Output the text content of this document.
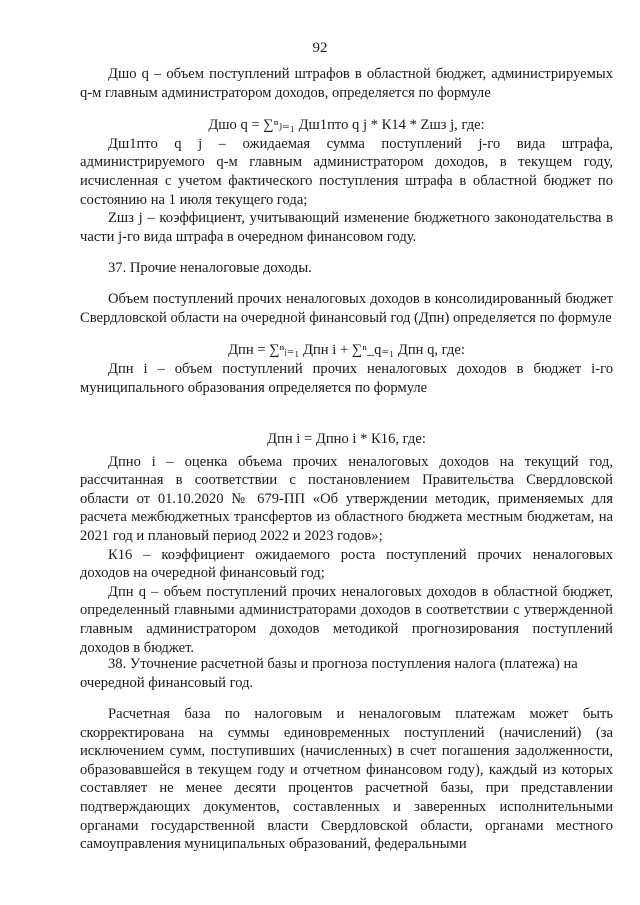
92

Дшо q – объем поступлений штрафов в областной бюджет, администрируемых q-м главным администратором доходов, определяется по формуле

Дшо q = ∑ⁿⱼ₌₁ Дш1пто q j * К14 * Zшз j, где:

Дш1пто q j – ожидаемая сумма поступлений j-го вида штрафа, администрируемого q-м главным администратором доходов, в текущем году, исчисленная с учетом фактического поступления штрафа в областной бюджет по состоянию на 1 июля текущего года;

Zшз j – коэффициент, учитывающий изменение бюджетного законодательства в части j-го вида штрафа в очередном финансовом году.

37. Прочие неналоговые доходы.

Объем поступлений прочих неналоговых доходов в консолидированный бюджет Свердловской области на очередной финансовый год (Дпн) определяется по формуле

Дпн = ∑ⁿᵢ₌₁ Дпн i + ∑ⁿ_q₌₁ Дпн q, где:

Дпн i – объем поступлений прочих неналоговых доходов в бюджет i-го муниципального образования определяется по формуле

Дпн i = Дпно i * К16, где:

Дпно i – оценка объема прочих неналоговых доходов на текущий год, рассчитанная в соответствии с постановлением Правительства Свердловской области от 01.10.2020 № 679-ПП «Об утверждении методик, применяемых для расчета межбюджетных трансфертов из областного бюджета местным бюджетам, на 2021 год и плановый период 2022 и 2023 годов»;

К16 – коэффициент ожидаемого роста поступлений прочих неналоговых доходов на очередной финансовый год;

Дпн q – объем поступлений прочих неналоговых доходов в областной бюджет, определенный главными администраторами доходов в соответствии с утвержденной главным администратором доходов методикой прогнозирования поступлений доходов в бюджет.

38. Уточнение расчетной базы и прогноза поступления налога (платежа) на очередной финансовый год.

Расчетная база по налоговым и неналоговым платежам может быть скорректирована на суммы единовременных поступлений (начислений) (за исключением сумм, поступивших (начисленных) в счет погашения задолженности, образовавшейся в текущем году и отчетном финансовом году), каждый из которых составляет не менее десяти процентов расчетной базы, при представлении подтверждающих документов, составленных и заверенных исполнительными органами государственной власти Свердловской области, органами местного самоуправления муниципальных образований, федеральными
